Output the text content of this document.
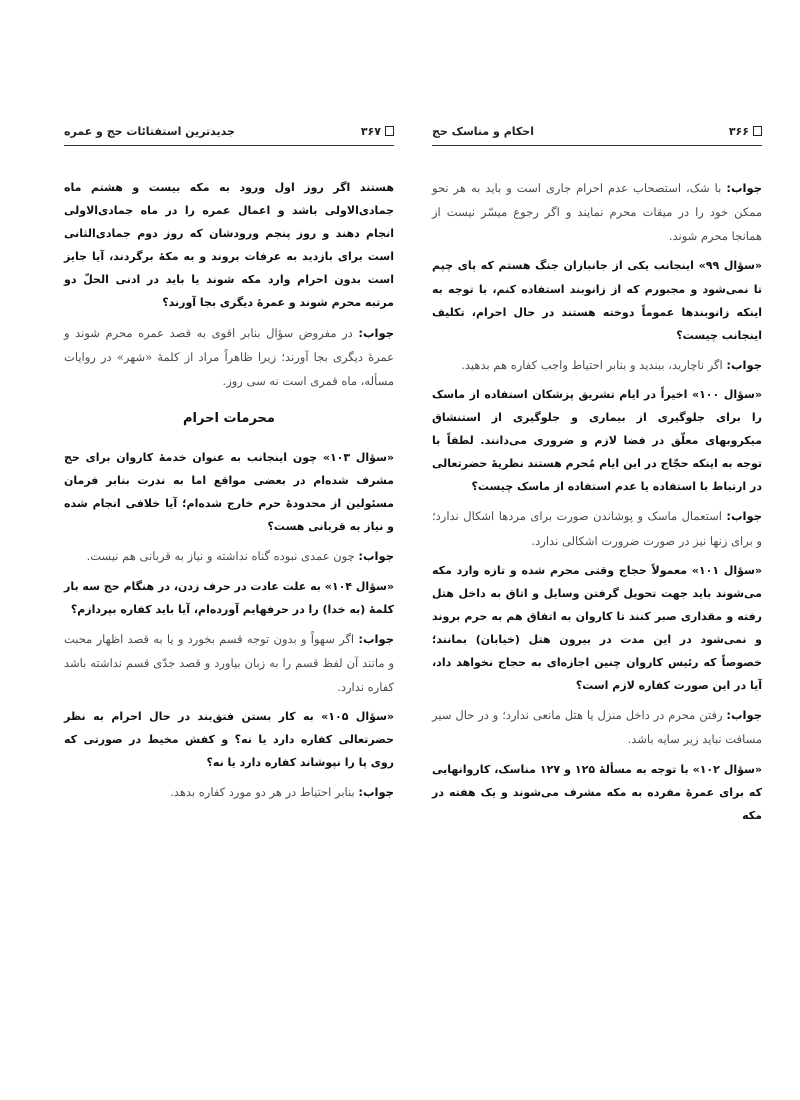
۳۶۶
احکام و مناسک حج

جواب: با شک، استصحاب عدم احرام جاری است و باید به هر نحو ممکن خود را در میقات محرم نمایند و اگر رجوع میسّر نیست از همانجا محرم شوند.

«سؤال ۹۹» اینجانب یکی از جانبازان جنگ هستم که پای چپم تا نمی‌شود و مجبورم که از زانوبند استفاده کنم، با توجه به اینکه زانوبندها عموماً دوخته هستند در حال احرام، تکلیف اینجانب چیست؟

جواب: اگر ناچارید، ببندید و بنابر احتیاط واجب کفاره هم بدهید.

«سؤال ۱۰۰» اخیراً در ایام تشریق پزشکان استفاده از ماسک را برای جلوگیری از بیماری و جلوگیری از استنشاق میکروبهای معلّق در فضا لازم و ضروری می‌دانند. لطفاً با توجه به اینکه حجّاج در این ایام مُحرم هستند نظریهٔ حضرتعالی در ارتباط با استفاده یا عدم استفاده از ماسک چیست؟

جواب: استعمال ماسک و پوشاندن صورت برای مردها اشکال ندارد؛ و برای زنها نیز در صورت ضرورت اشکالی ندارد.

«سؤال ۱۰۱» معمولاً حجاج وقتی محرم شده و تازه وارد مکه می‌شوند باید جهت تحویل گرفتن وسایل و اتاق به داخل هتل رفته و مقداری صبر کنند تا کاروان به اتفاق هم به حرم بروند و نمی‌شود در این مدت در بیرون هتل (خیابان) بمانند؛ خصوصاً که رئیس کاروان چنین اجازه‌ای به حجاج نخواهد داد، آیا در این صورت کفاره لازم است؟

جواب: رفتن محرم در داخل منزل یا هتل مانعی ندارد؛ و در حال سیر مسافت نباید زیر سایه باشد.

«سؤال ۱۰۲» با توجه به مسألهٔ ۱۲۵ و ۱۲۷ مناسک، کاروانهایی که برای عمرهٔ مفرده به مکه مشرف می‌شوند و یک هفته در مکه

۳۶۷
جدیدترین استفتائات حج و عمره

هستند اگر روز اول ورود به مکه بیست و هشتم ماه جمادی‌الاولی باشد و اعمال عمره را در ماه جمادی‌الاولی انجام دهند و روز پنجم ورودشان که روز دوم جمادی‌الثانی است برای بازدید به عرفات بروند و به مکهٔ برگردند، آیا جایز است بدون احرام وارد مکه شوند یا باید در ادنی الحلّ دو مرتبه محرم شوند و عمرهٔ دیگری بجا آورند؟

جواب: در مفروض سؤال بنابر اقوی به قصد عمره محرم شوند و عمرهٔ دیگری بجا آورند؛ زیرا ظاهراً مراد از کلمهٔ «شهر» در روایات مسأله، ماه قمری است نه سی روز.

محرمات احرام

«سؤال ۱۰۳» چون اینجانب به عنوان خدمهٔ کاروان برای حج مشرف شده‌ام در بعضی مواقع اما به ندرت بنابر فرمان مسئولین از محدودهٔ حرم خارج شده‌ام؛ آیا خلافی انجام شده و نیاز به قربانی هست؟

جواب: چون عمدی نبوده گناه نداشته و نیاز به قربانی هم نیست.

«سؤال ۱۰۴» به علت عادت در حرف زدن، در هنگام حج سه بار کلمهٔ (به خدا) را در حرفهایم آورده‌ام، آیا باید کفاره بپردازم؟

جواب: اگر سهواً و بدون توجه قسم بخورد و یا به قصد اظهار محبت و مانند آن لفظ قسم را به زبان بیاورد و قصد جدّی قسم نداشته باشد کفاره ندارد.

«سؤال ۱۰۵» به کار بستن فتق‌بند در حال احرام به نظر حضرتعالی کفاره دارد یا نه؟ و کفش مخیط در صورتی که روی پا را نپوشاند کفاره دارد یا نه؟

جواب: بنابر احتیاط در هر دو مورد کفاره بدهد.
